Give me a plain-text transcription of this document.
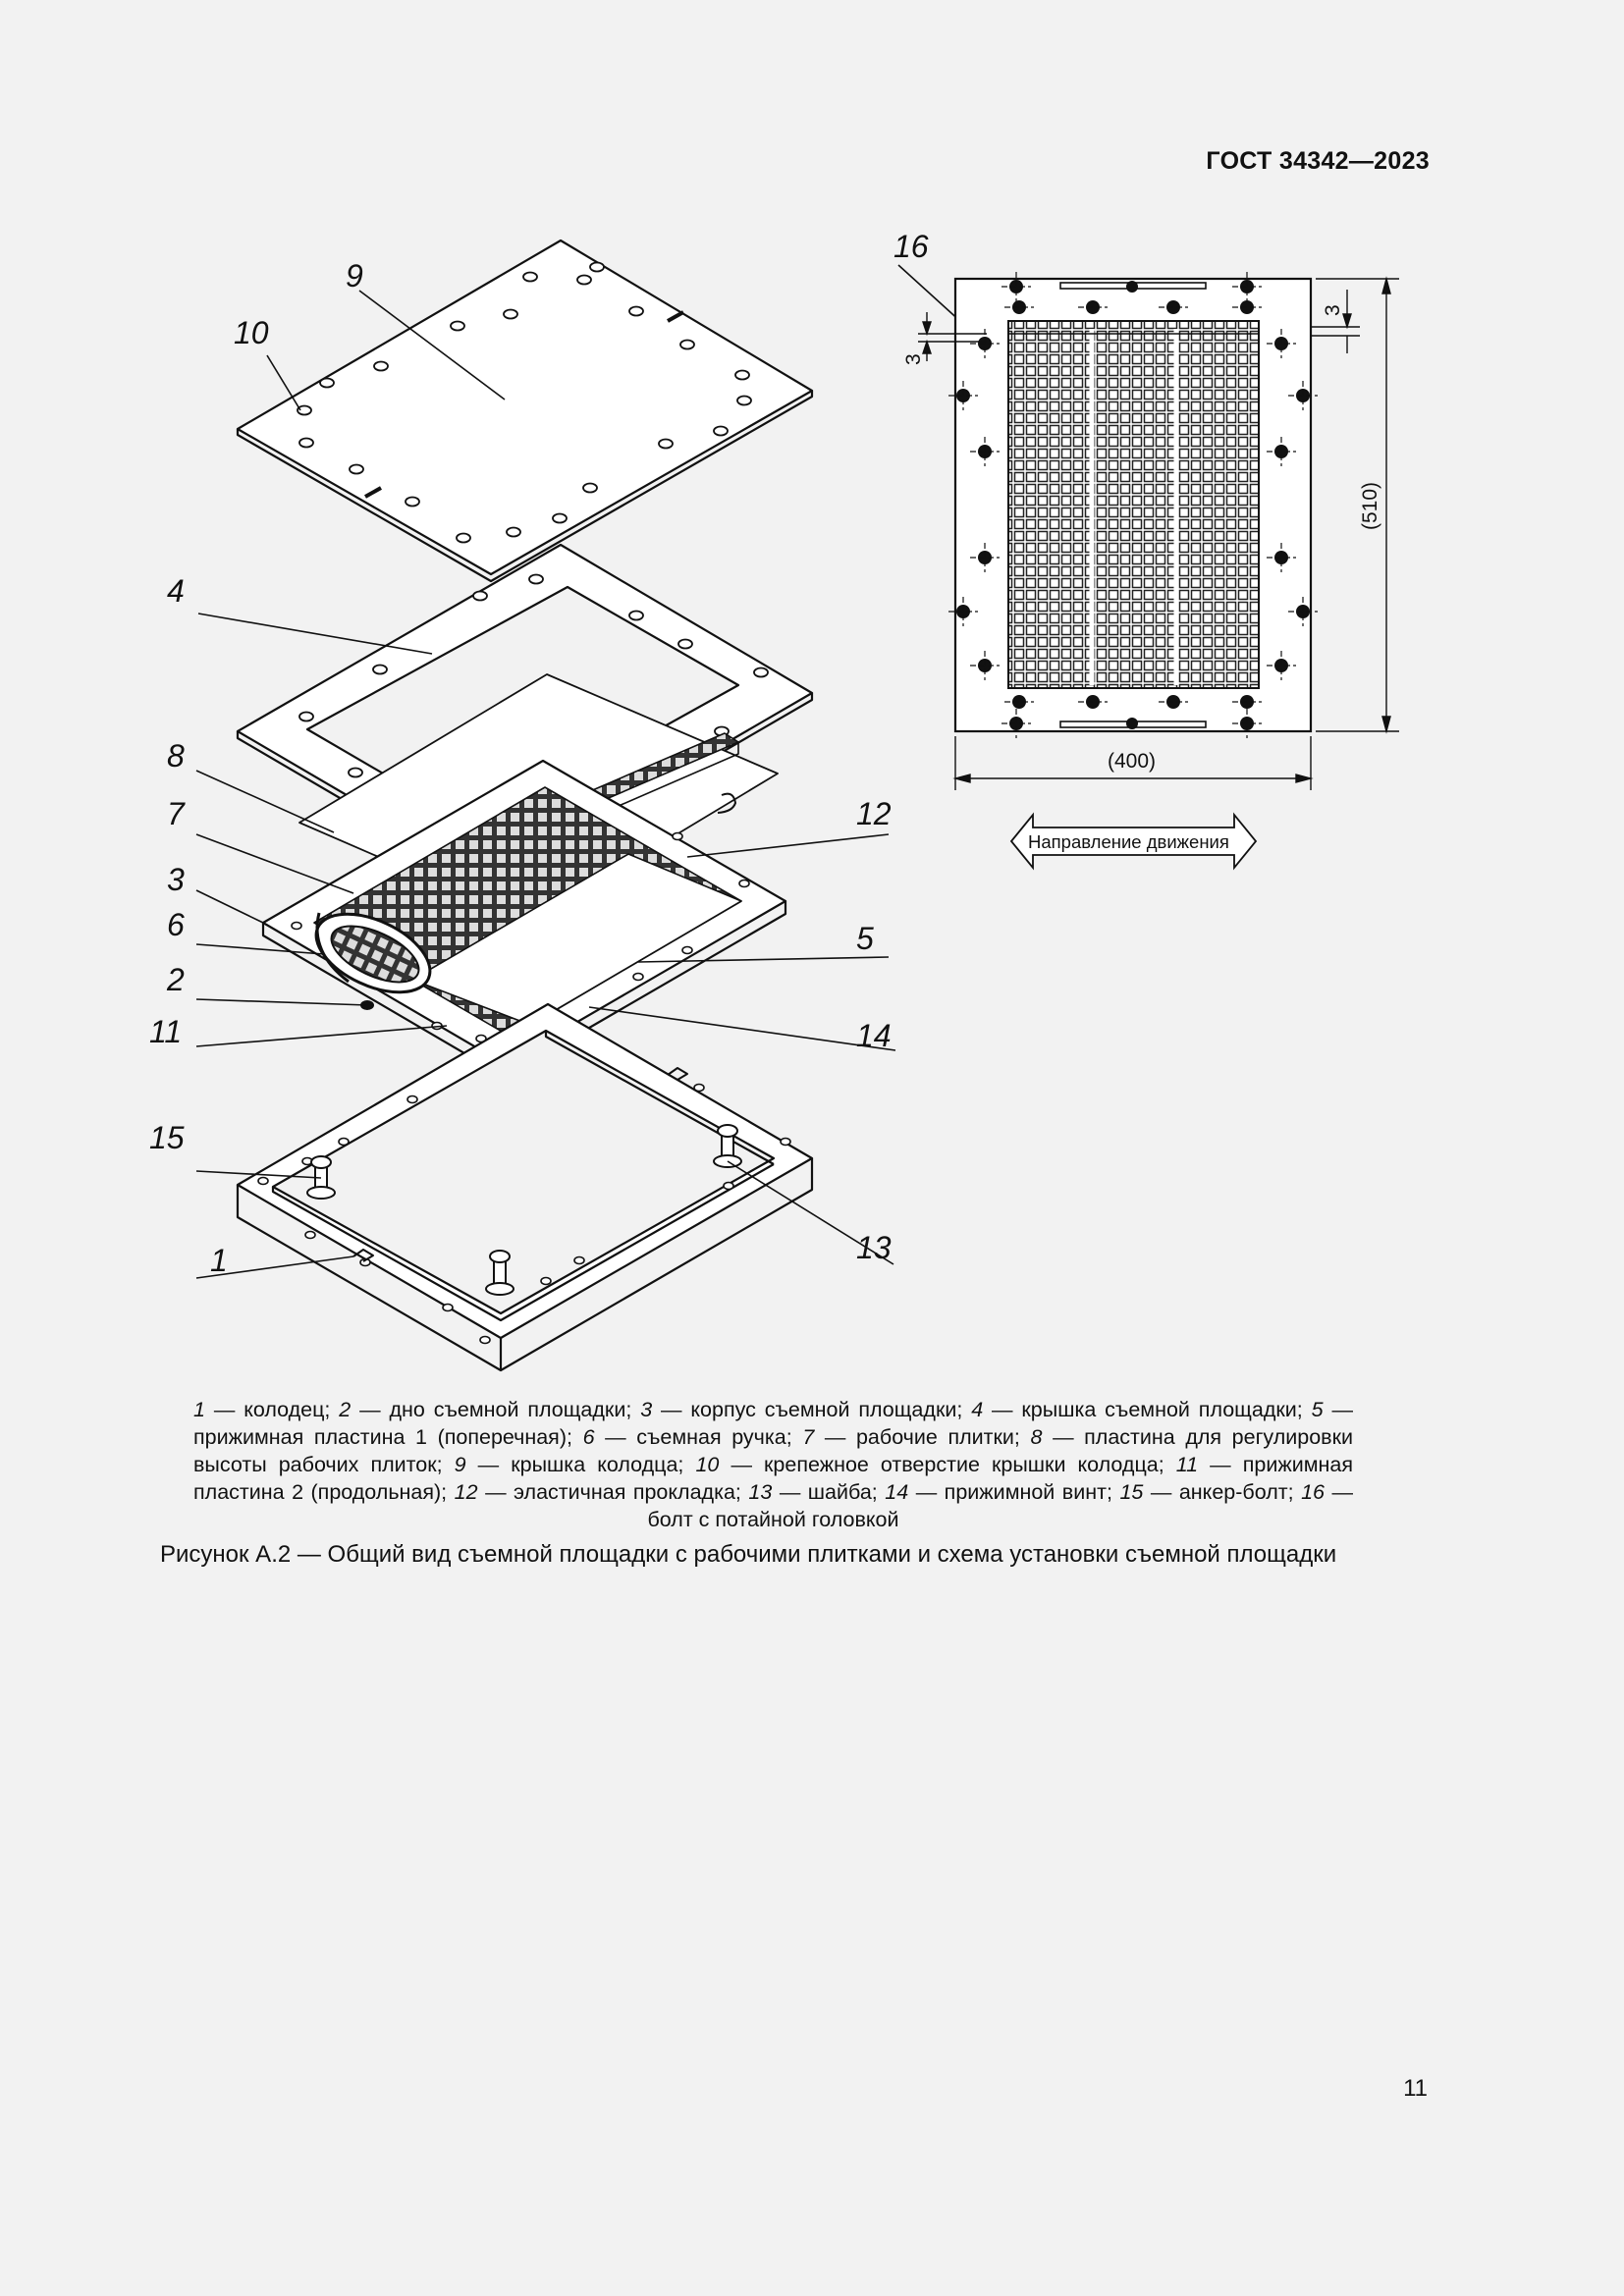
ГОСТ 34342—2023
9
10
4
8
7
3
6
2
11
15
1
12
5
14
13
16
(400)
(510)
3
3
Направление движения
1 — колодец; 2 — дно съемной площадки; 3 — корпус съемной площадки; 4 — крышка съемной площадки; 5 — прижимная пластина 1 (поперечная); 6 — съемная ручка; 7 — рабочие плитки; 8 — пластина для регулировки высоты рабочих плиток; 9 — крышка колодца; 10 — крепежное отверстие крышки колодца; 11 — прижимная пластина 2 (продольная); 12 — эластичная прокладка; 13 — шайба; 14 — прижимной винт; 15 — анкер-болт; 16 — болт с потайной головкой
Рисунок А.2 — Общий вид съемной площадки с рабочими плитками и схема установки съемной площадки
11
